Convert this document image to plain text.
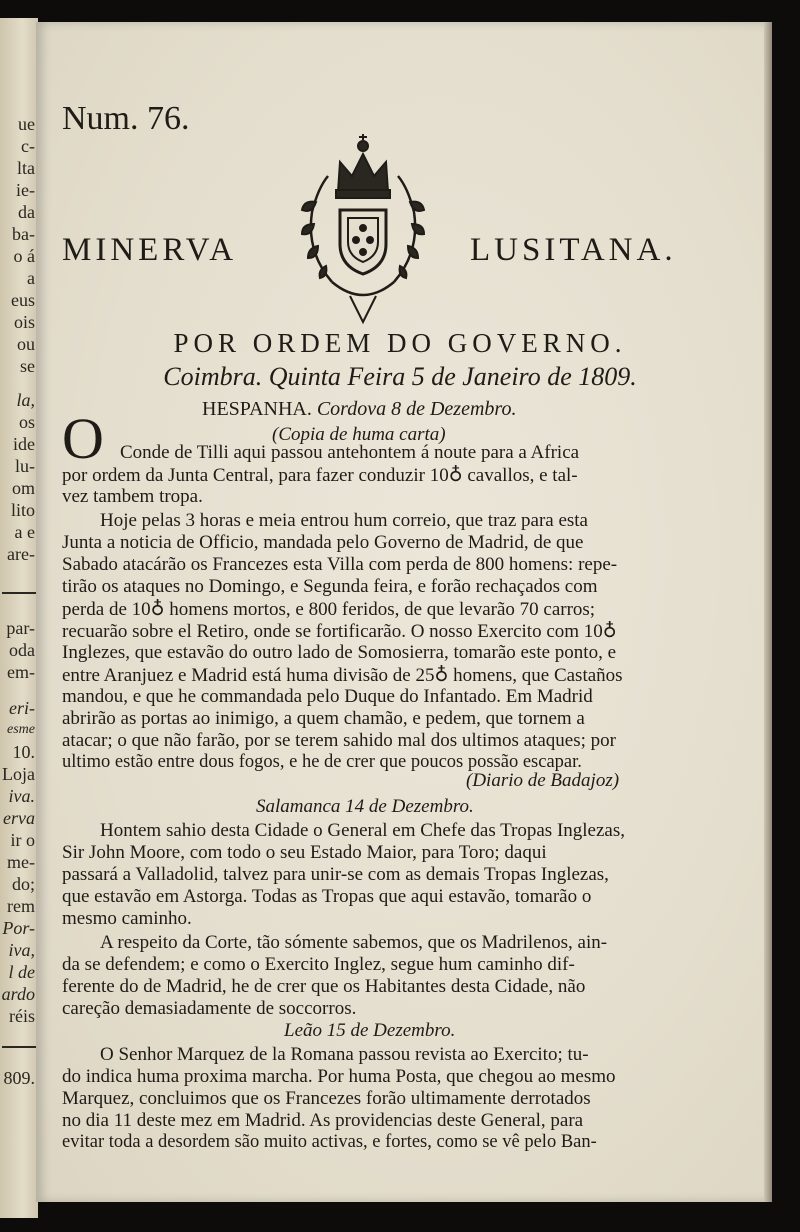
ue
c-
lta
ie-
da
ba-
o á
a
eus
ois
ou
se
la,
os
ide
lu-
om
lito
a e
are-
par-
oda
em-
eri-
esme
10.
Loja
iva.
erva
ir o
me-
do;
rem
Por-
iva,
l de
ardo
réis
809.
Num. 76.
MINERVA	LUSITANA.
POR ORDEM DO GOVERNO.
Coimbra. Quinta Feira 5 de Janeiro de 1809.
HESPANHA. Cordova 8 de Dezembro.
(Copia de huma carta)
O Conde de Tilli aqui passou antehontem á noute para a Africa
por ordem da Junta Central, para fazer conduzir 10♁ cavallos, e tal-
vez tambem tropa.
Hoje pelas 3 horas e meia entrou hum correio, que traz para esta
Junta a noticia de Officio, mandada pelo Governo de Madrid, de que
Sabado atacárão os Francezes esta Villa com perda de 800 homens: repe-
tirão os ataques no Domingo, e Segunda feira, e forão rechaçados com
perda de 10♁ homens mortos, e 800 feridos, de que levarão 70 carros;
recuarão sobre el Retiro, onde se fortificarão. O nosso Exercito com 10♁
Inglezes, que estavão do outro lado de Somosierra, tomarão este ponto, e
entre Aranjuez e Madrid está huma divisão de 25♁ homens, que Castaños
mandou, e que he commandada pelo Duque do Infantado. Em Madrid
abrirão as portas ao inimigo, a quem chamão, e pedem, que tornem a
atacar; o que não farão, por se terem sahido mal dos ultimos ataques; por
ultimo estão entre dous fogos, e he de crer que poucos possão escapar.
(Diario de Badajoz)
Salamanca 14 de Dezembro.
Hontem sahio desta Cidade o General em Chefe das Tropas Inglezas,
Sir John Moore, com todo o seu Estado Maior, para Toro; daqui
passará a Valladolid, talvez para unir-se com as demais Tropas Inglezas,
que estavão em Astorga. Todas as Tropas que aqui estavão, tomarão o
mesmo caminho.
A respeito da Corte, tão sómente sabemos, que os Madrilenos, ain-
da se defendem; e como o Exercito Inglez, segue hum caminho dif-
ferente do de Madrid, he de crer que os Habitantes desta Cidade, não
careção demasiadamente de soccorros.
Leão 15 de Dezembro.
O Senhor Marquez de la Romana passou revista ao Exercito; tu-
do indica huma proxima marcha. Por huma Posta, que chegou ao mesmo
Marquez, concluimos que os Francezes forão ultimamente derrotados
no dia 11 deste mez em Madrid. As providencias deste General, para
evitar toda a desordem são muito activas, e fortes, como se vê pelo Ban-
